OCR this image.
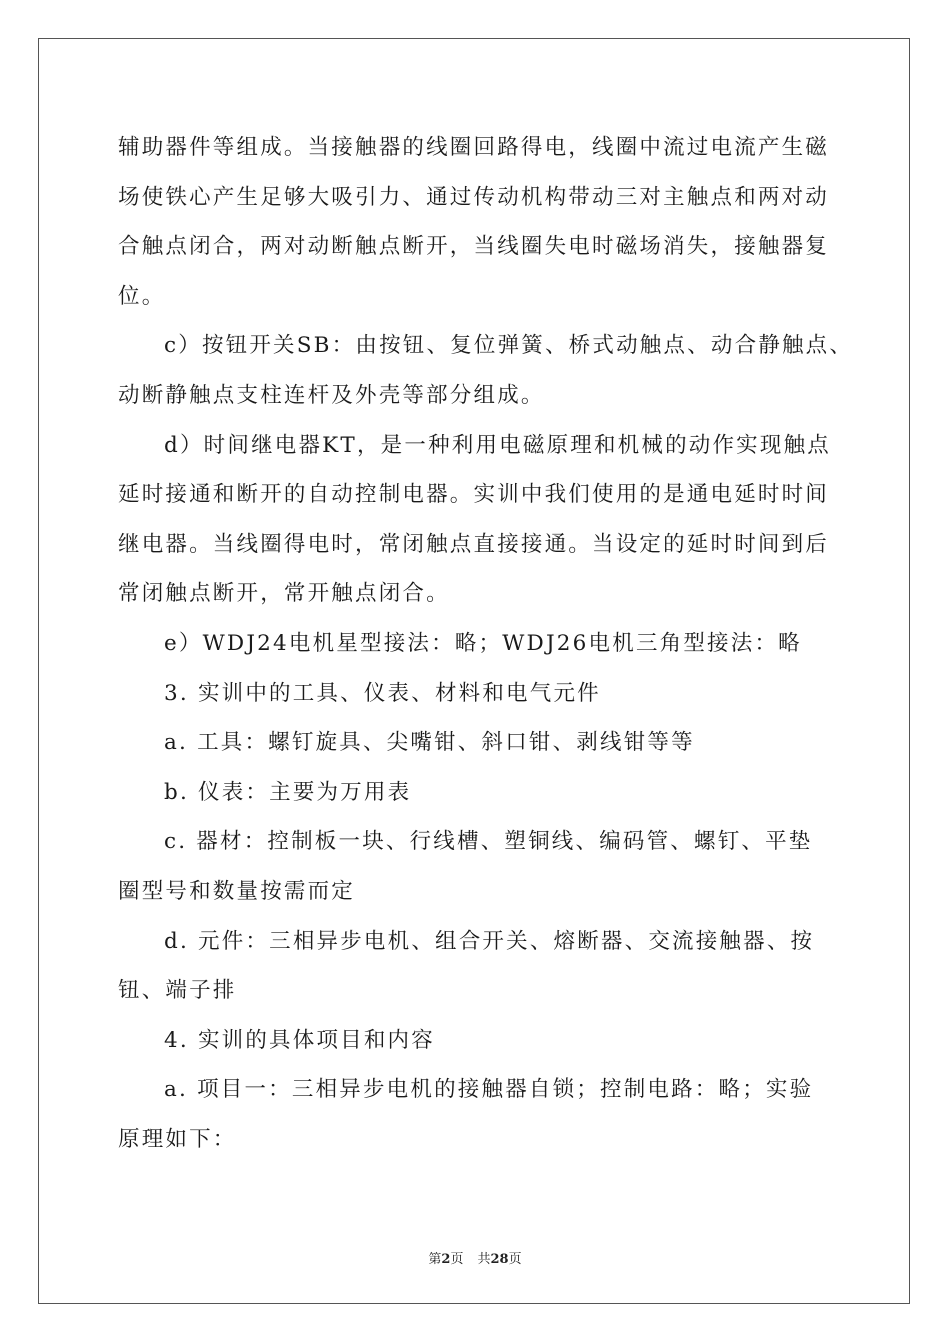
辅助器件等组成。当接触器的线圈回路得电，线圈中流过电流产生磁
场使铁心产生足够大吸引力、通过传动机构带动三对主触点和两对动
合触点闭合，两对动断触点断开，当线圈失电时磁场消失，接触器复
位。
c）按钮开关SB：由按钮、复位弹簧、桥式动触点、动合静触点、
动断静触点支柱连杆及外壳等部分组成。
d）时间继电器KT，是一种利用电磁原理和机械的动作实现触点
延时接通和断开的自动控制电器。实训中我们使用的是通电延时时间
继电器。当线圈得电时，常闭触点直接接通。当设定的延时时间到后
常闭触点断开，常开触点闭合。
e）WDJ24电机星型接法：略；WDJ26电机三角型接法：略
3. 实训中的工具、仪表、材料和电气元件
a. 工具：螺钉旋具、尖嘴钳、斜口钳、剥线钳等等
b. 仪表：主要为万用表
c. 器材：控制板一块、行线槽、塑铜线、编码管、螺钉、平垫
圈型号和数量按需而定
d. 元件：三相异步电机、组合开关、熔断器、交流接触器、按
钮、端子排
4. 实训的具体项目和内容
a. 项目一：三相异步电机的接触器自锁；控制电路：略；实验
原理如下：
第2页 共28页
